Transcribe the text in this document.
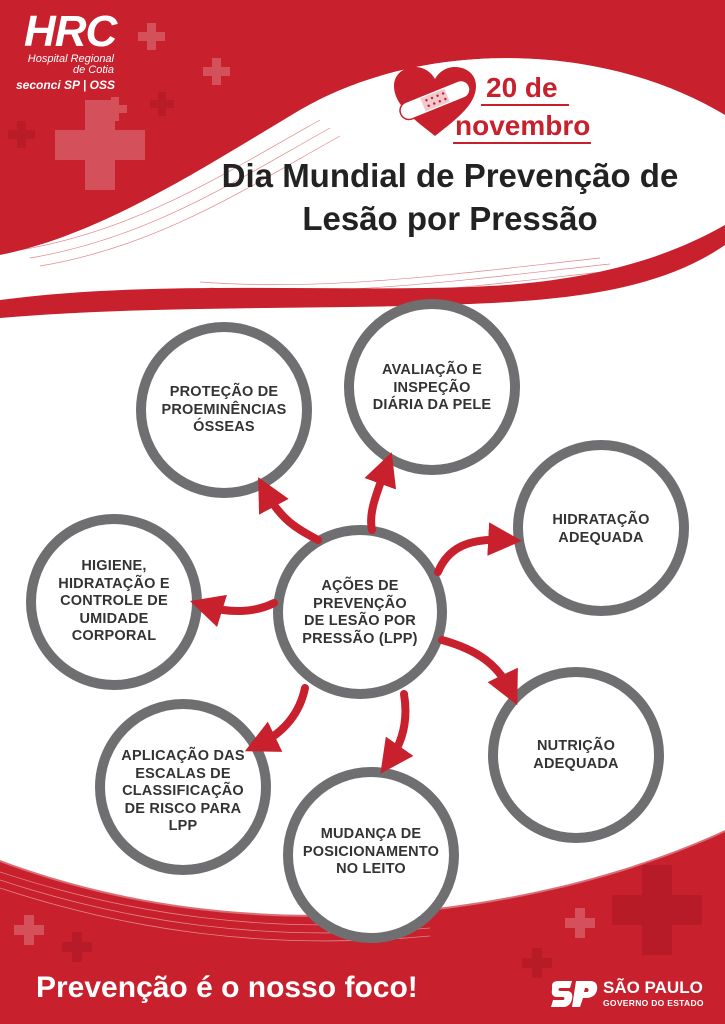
HRC
Hospital Regional
de Cotia
seconci SP | OSS	20 de
novembro
Dia Mundial de Prevenção de
Lesão por Pressão
AÇÕES DE
PREVENÇÃO
DE LESÃO POR
PRESSÃO (LPP)
PROTEÇÃO DE
PROEMINÊNCIAS
ÓSSEAS
AVALIAÇÃO E
INSPEÇÃO
DIÁRIA DA PELE
HIDRATAÇÃO
ADEQUADA
HIGIENE,
HIDRATAÇÃO E
CONTROLE DE
UMIDADE
CORPORAL
NUTRIÇÃO
ADEQUADA
APLICAÇÃO DAS
ESCALAS DE
CLASSIFICAÇÃO
DE RISCO PARA
LPP	MUDANÇA DE
POSICIONAMENTO
NO LEITO
Prevenção é o nosso foco!	SÃO PAULO
GOVERNO DO ESTADO
